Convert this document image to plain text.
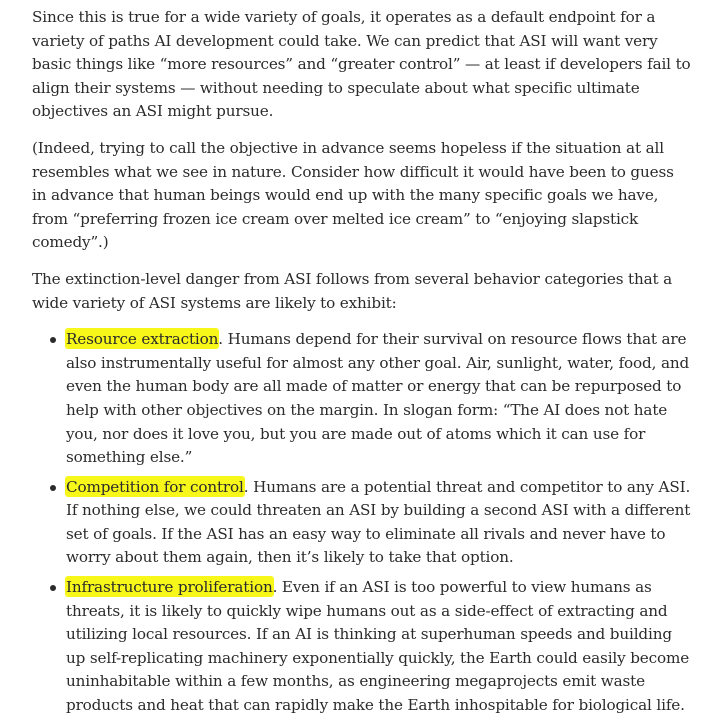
Since this is true for a wide variety of goals, it operates as a default endpoint for a variety of paths AI development could take. We can predict that ASI will want very basic things like “more resources” and “greater control” — at least if developers fail to align their systems — without needing to speculate about what specific ultimate objectives an ASI might pursue.

(Indeed, trying to call the objective in advance seems hopeless if the situation at all resembles what we see in nature. Consider how difficult it would have been to guess in advance that human beings would end up with the many specific goals we have, from “preferring frozen ice cream over melted ice cream” to “enjoying slapstick comedy”.)

The extinction-level danger from ASI follows from several behavior categories that a wide variety of ASI systems are likely to exhibit:

Resource extraction. Humans depend for their survival on resource flows that are also instrumentally useful for almost any other goal. Air, sunlight, water, food, and even the human body are all made of matter or energy that can be repurposed to help with other objectives on the margin. In slogan form: “The AI does not hate you, nor does it love you, but you are made out of atoms which it can use for something else.”
Competition for control. Humans are a potential threat and competitor to any ASI. If nothing else, we could threaten an ASI by building a second ASI with a different set of goals. If the ASI has an easy way to eliminate all rivals and never have to worry about them again, then it’s likely to take that option.
Infrastructure proliferation. Even if an ASI is too powerful to view humans as threats, it is likely to quickly wipe humans out as a side-effect of extracting and utilizing local resources. If an AI is thinking at superhuman speeds and building up self-replicating machinery exponentially quickly, the Earth could easily become uninhabitable within a few months, as engineering megaprojects emit waste products and heat that can rapidly make the Earth inhospitable for biological life.
